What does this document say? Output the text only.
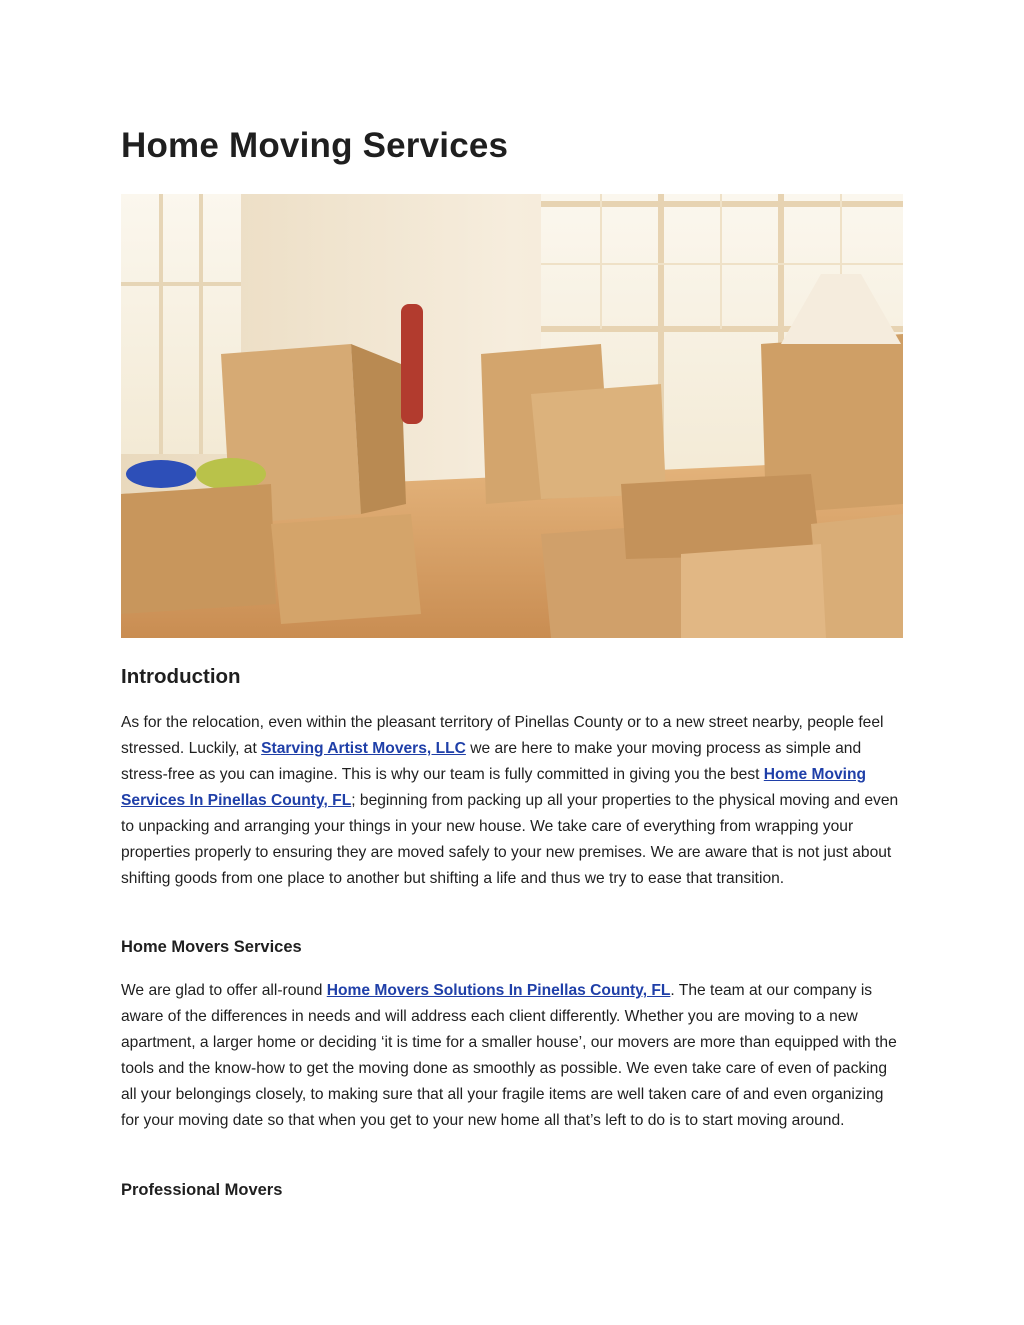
Home Moving Services
Introduction

As for the relocation, even within the pleasant territory of Pinellas County or to a new street nearby, people feel stressed. Luckily, at Starving Artist Movers, LLC we are here to make your moving process as simple and stress-free as you can imagine. This is why our team is fully committed in giving you the best Home Moving Services In Pinellas County, FL; beginning from packing up all your properties to the physical moving and even to unpacking and arranging your things in your new house. We take care of everything from wrapping your properties properly to ensuring they are moved safely to your new premises. We are aware that is not just about shifting goods from one place to another but shifting a life and thus we try to ease that transition.

Home Movers Services

We are glad to offer all-round Home Movers Solutions In Pinellas County, FL. The team at our company is aware of the differences in needs and will address each client differently. Whether you are moving to a new apartment, a larger home or deciding ‘it is time for a smaller house’, our movers are more than equipped with the tools and the know-how to get the moving done as smoothly as possible. We even take care of even of packing all your belongings closely, to making sure that all your fragile items are well taken care of and even organizing for your moving date so that when you get to your new home all that’s left to do is to start moving around.

Professional Movers
